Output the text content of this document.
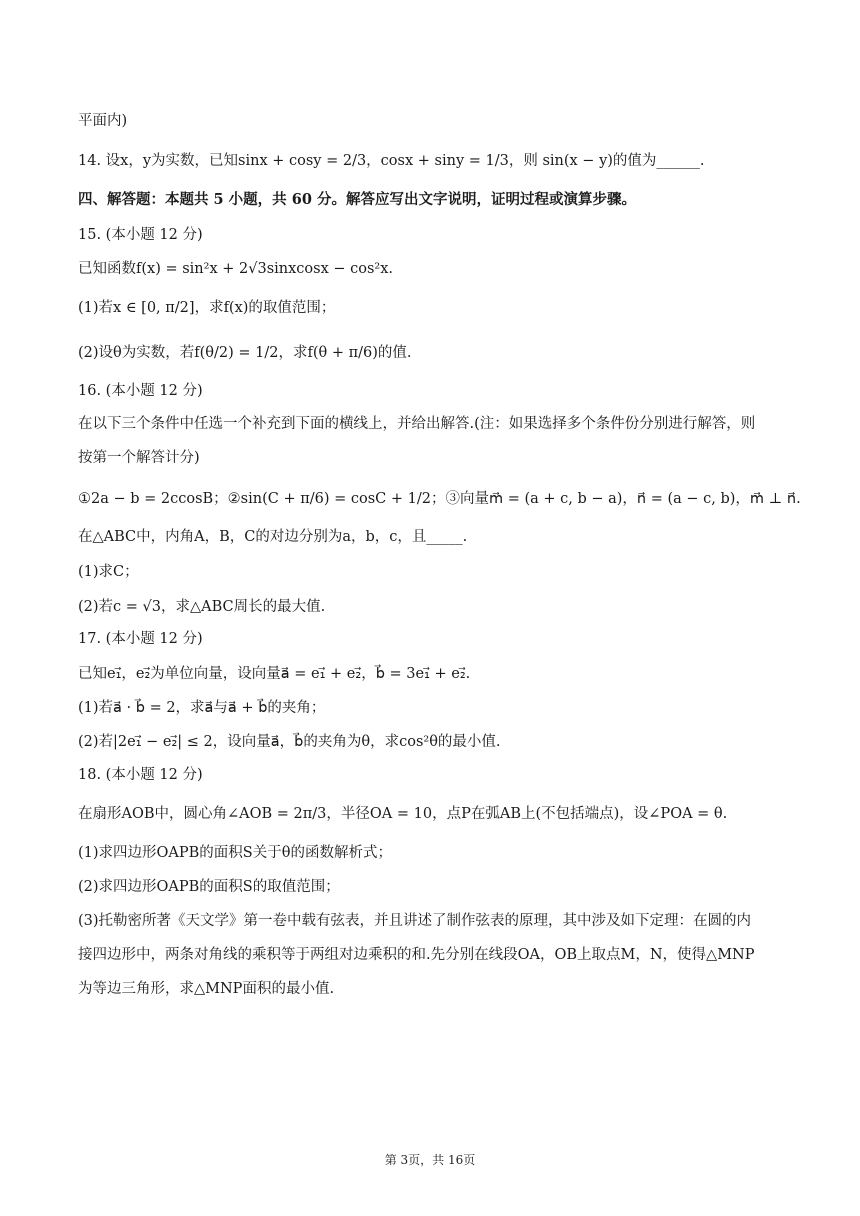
平面内)
14. 设x，y为实数，已知sinx + cosy = 2/3，cosx + siny = 1/3，则 sin(x − y)的值为______.
四、解答题：本题共 5 小题，共 60 分。解答应写出文字说明，证明过程或演算步骤。
15. (本小题 12 分)
已知函数f(x) = sin²x + 2√3sinxcosx − cos²x.
(1)若x ∈ [0, π/2]，求f(x)的取值范围；
(2)设θ为实数，若f(θ/2) = 1/2，求f(θ + π/6)的值.
16. (本小题 12 分)
在以下三个条件中任选一个补充到下面的横线上，并给出解答.(注：如果选择多个条件份分别进行解答，则
按第一个解答计分)
①2a − b = 2ccosB；②sin(C + π/6) = cosC + 1/2；③向量m⃗ = (a + c, b − a)，n⃗ = (a − c, b)，m⃗ ⊥ n⃗.
在△ABC中，内角A，B，C的对边分别为a，b，c，且_____.
(1)求C；
(2)若c = √3，求△ABC周长的最大值.
17. (本小题 12 分)
已知e₁⃗，e₂⃗为单位向量，设向量a⃗ = e₁⃗ + e₂⃗，b⃗ = 3e₁⃗ + e₂⃗.
(1)若a⃗ · b⃗ = 2，求a⃗与a⃗ + b⃗的夹角；
(2)若|2e₁⃗ − e₂⃗| ≤ 2，设向量a⃗，b⃗的夹角为θ，求cos²θ的最小值.
18. (本小题 12 分)
在扇形AOB中，圆心角∠AOB = 2π/3，半径OA = 10，点P在弧AB上(不包括端点)，设∠POA = θ.
(1)求四边形OAPB的面积S关于θ的函数解析式；
(2)求四边形OAPB的面积S的取值范围；
(3)托勒密所著《天文学》第一卷中载有弦表，并且讲述了制作弦表的原理，其中涉及如下定理：在圆的内
接四边形中，两条对角线的乘积等于两组对边乘积的和.先分别在线段OA，OB上取点M，N，使得△MNP
为等边三角形，求△MNP面积的最小值.
第 3页，共 16页
